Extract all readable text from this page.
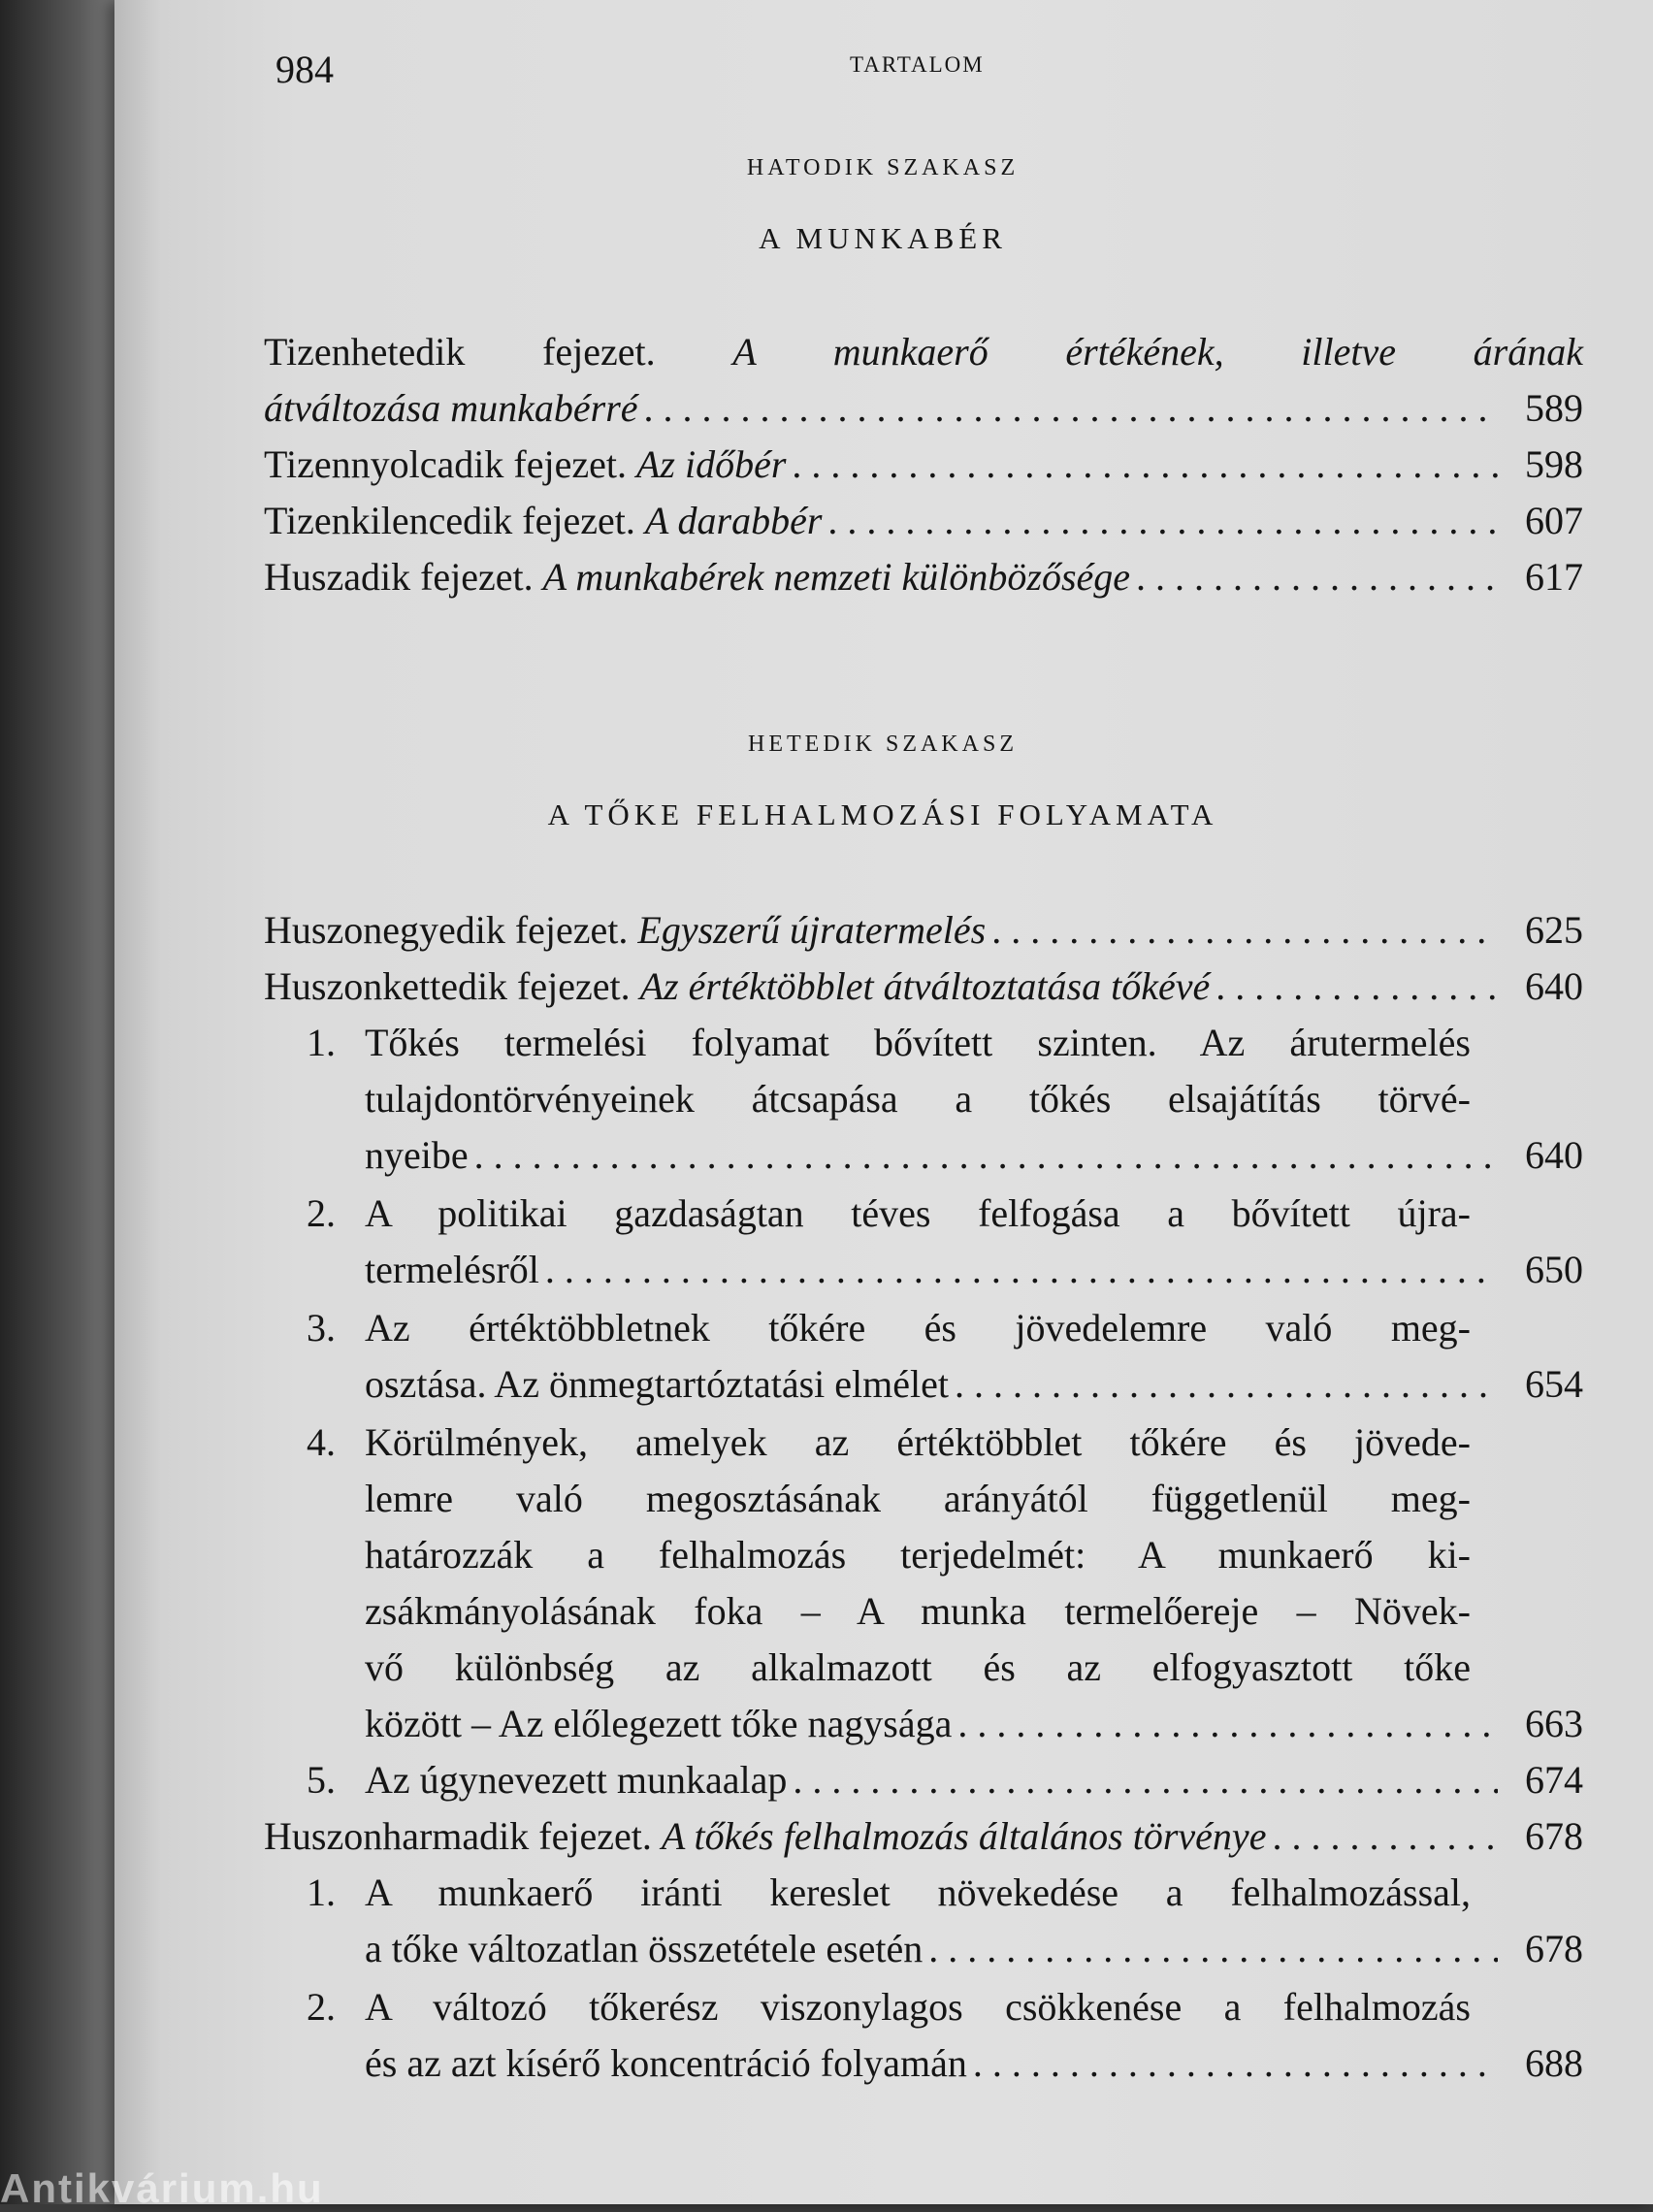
984	TARTALOM
HATODIK SZAKASZ
A MUNKABÉR
Tizenhetedik fejezet. A munkaerő értékének, illetve árának
átváltozása munkabérré . . .	589
Tizennyolcadik fejezet. Az időbér . . .	598
Tizenkilencedik fejezet. A darabbér . . .	607
Huszadik fejezet. A munkabérek nemzeti különbözősége . . .	617
HETEDIK SZAKASZ
A TŐKE FELHALMOZÁSI FOLYAMATA
Huszonegyedik fejezet. Egyszerű újratermelés . . .	625
Huszonkettedik fejezet. Az értéktöbblet átváltoztatása tőkévé . . .	640
1. Tőkés termelési folyamat bővített szinten. Az árutermelés
tulajdontörvényeinek átcsapása a tőkés elsajátítás törvé-
nyeibe . . .	640
2. A politikai gazdaságtan téves felfogása a bővített újra-
termelésről . . .	650
3. Az értéktöbbletnek tőkére és jövedelemre való meg-
osztása. Az önmegtartóztatási elmélet . . .	654
4. Körülmények, amelyek az értéktöbblet tőkére és jövede-
lemre való megosztásának arányától függetlenül meg-
határozzák a felhalmozás terjedelmét: A munkaerő ki-
zsákmányolásának foka – A munka termelőereje – Növek-
vő különbség az alkalmazott és az elfogyasztott tőke
között – Az előlegezett tőke nagysága . . .	663
5. Az úgynevezett munkaalap . . .	674
Huszonharmadik fejezet. A tőkés felhalmozás általános törvénye . . .	678
1. A munkaerő iránti kereslet növekedése a felhalmozással,
a tőke változatlan összetétele esetén . . .	678
2. A változó tőkerész viszonylagos csökkenése a felhalmozás
és az azt kísérő koncentráció folyamán . . .	688
Antikvárium.hu
